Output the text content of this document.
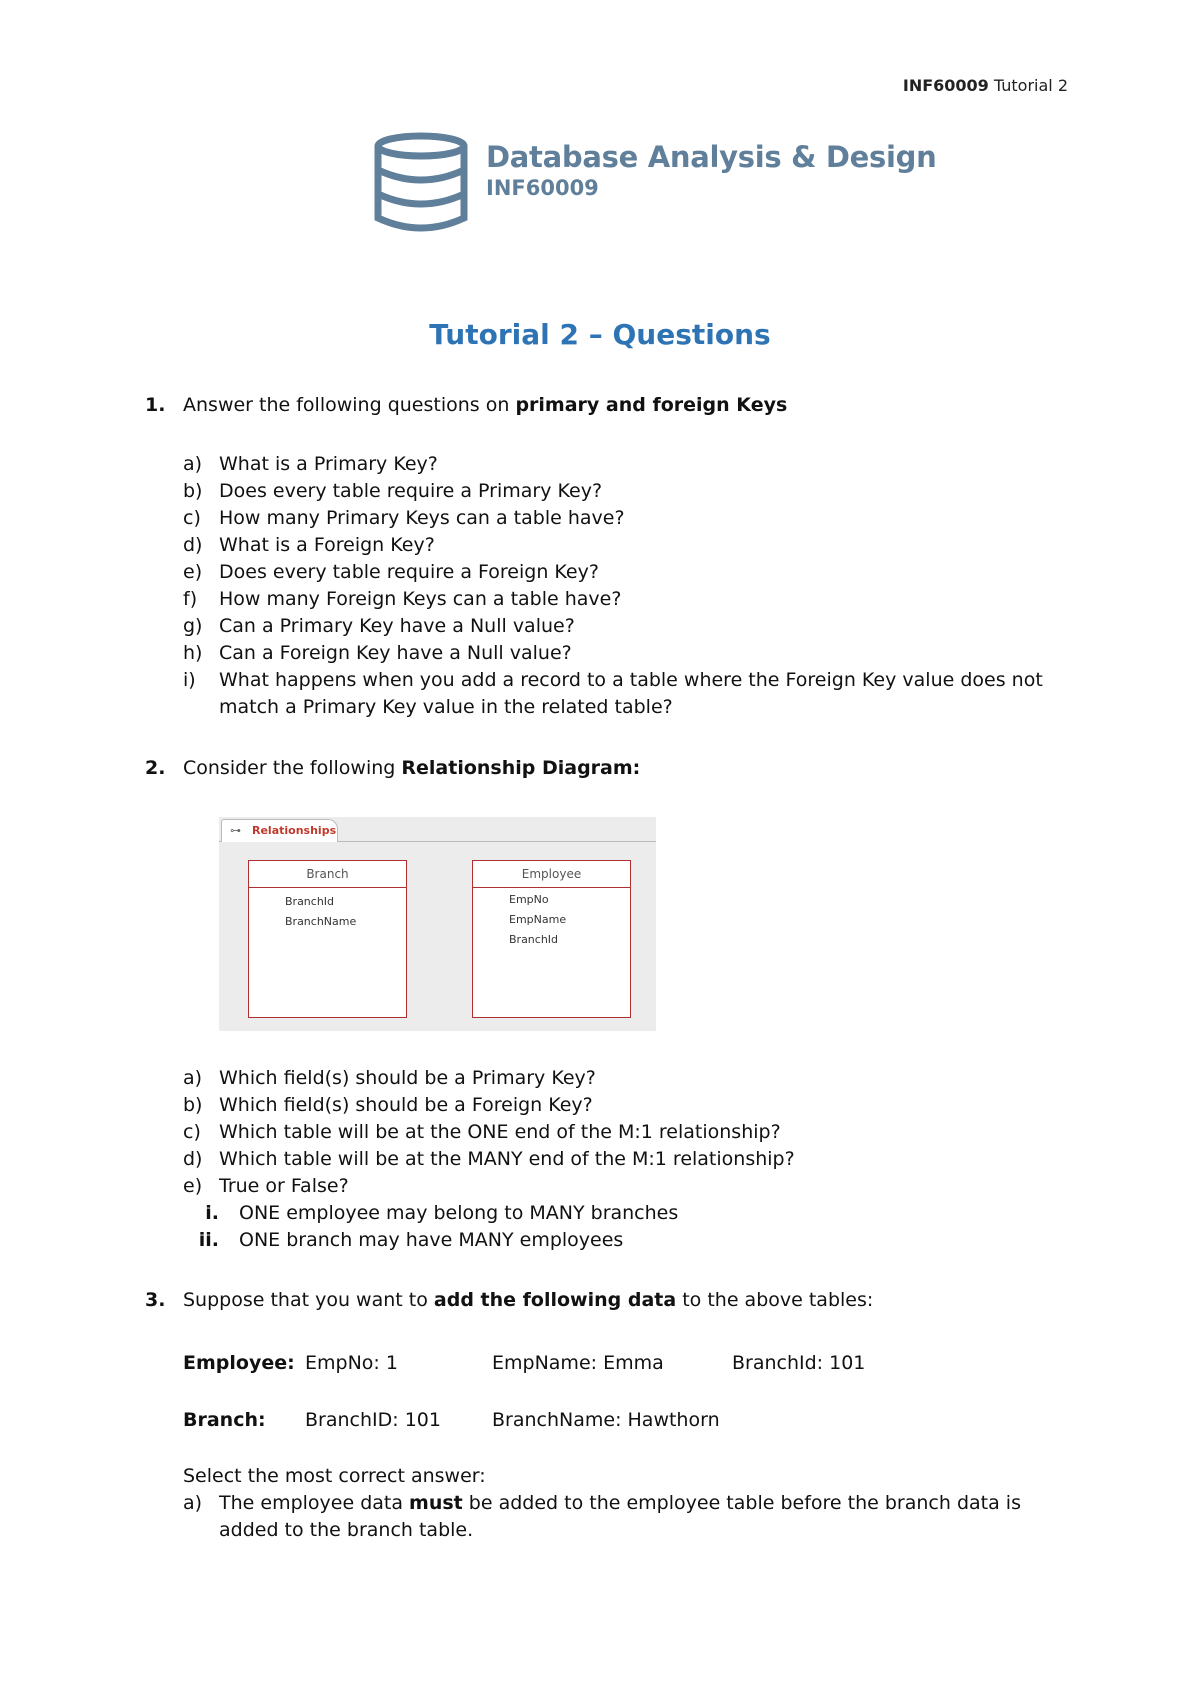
INF60009 Tutorial 2
Database Analysis & Design
INF60009
Tutorial 2 – Questions
1. Answer the following questions on primary and foreign Keys
a) What is a Primary Key?
b) Does every table require a Primary Key?
c) How many Primary Keys can a table have?
d) What is a Foreign Key?
e) Does every table require a Foreign Key?
f) How many Foreign Keys can a table have?
g) Can a Primary Key have a Null value?
h) Can a Foreign Key have a Null value?
i) What happens when you add a record to a table where the Foreign Key value does not
match a Primary Key value in the related table?
2. Consider the following Relationship Diagram:
⊶ Relationships
Branch
BranchId
BranchName
Employee
EmpNo
EmpName
BranchId
a) Which field(s) should be a Primary Key?
b) Which field(s) should be a Foreign Key?
c) Which table will be at the ONE end of the M:1 relationship?
d) Which table will be at the MANY end of the M:1 relationship?
e) True or False?
i. ONE employee may belong to MANY branches
ii. ONE branch may have MANY employees
3. Suppose that you want to add the following data to the above tables:
Employee: EmpNo: 1	EmpName: Emma	BranchId: 101
Branch: BranchID: 101	BranchName: Hawthorn
Select the most correct answer:
a) The employee data must be added to the employee table before the branch data is
added to the branch table.
